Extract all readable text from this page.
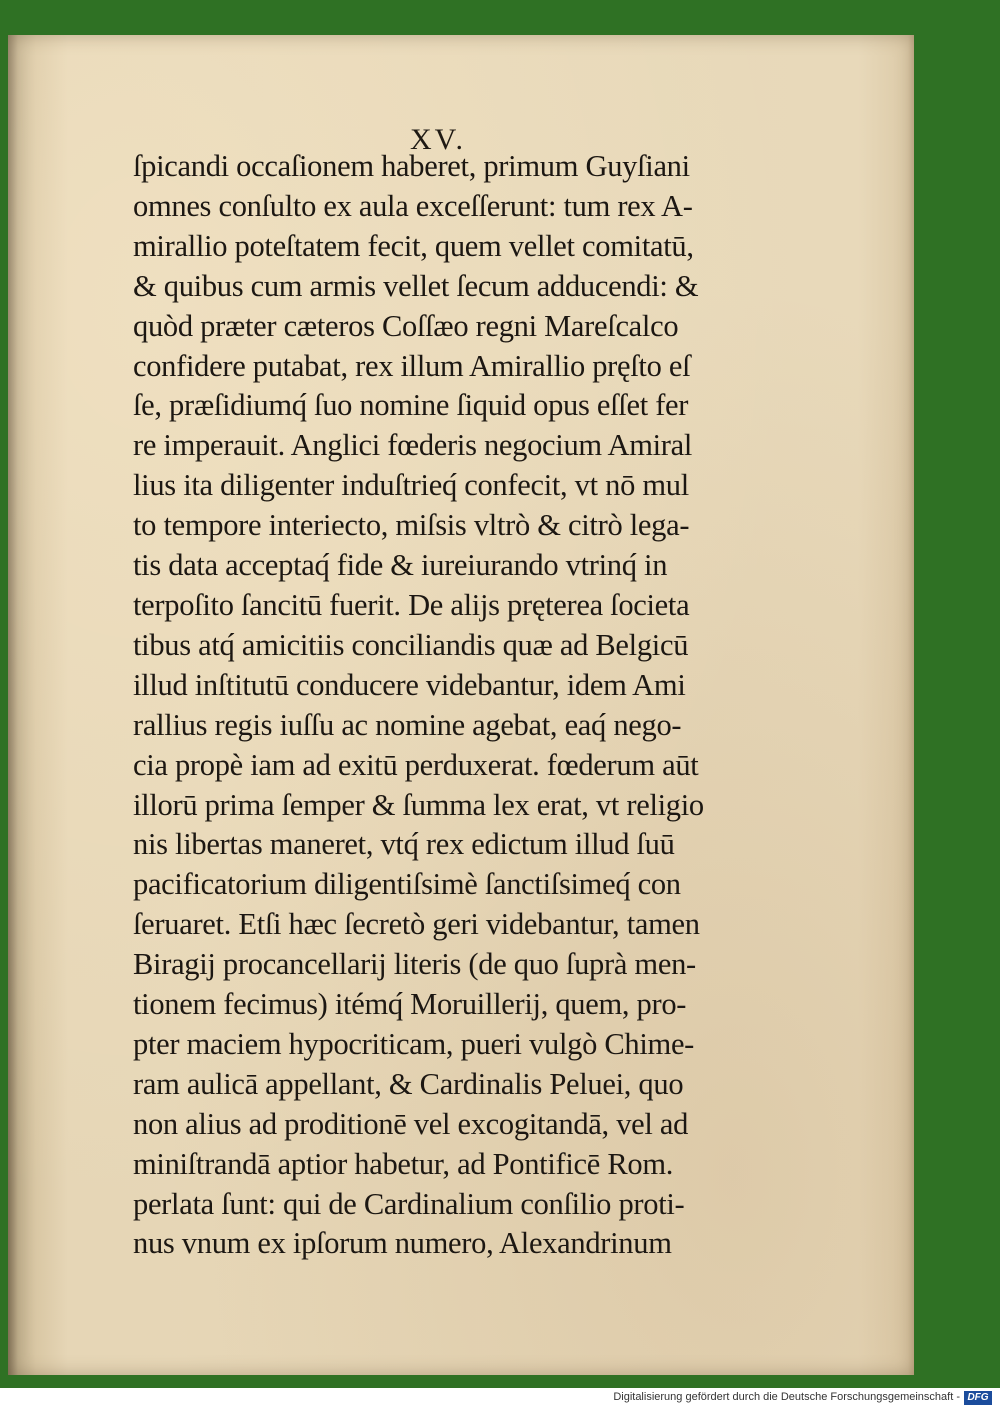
XV.
ſpicandi occaſionem haberet, primum Guyſiani
omnes conſulto ex aula exceſſerunt: tum rex A-
mirallio poteſtatem fecit, quem vellet comitatū,
& quibus cum armis vellet ſecum adducendi: &
quòd præter cæteros Coſſæo regni Mareſcalco
confidere putabat, rex illum Amirallio pręſto eſ
ſe, præſidiumq́ ſuo nomine ſiquid opus eſſet fer
re imperauit. Anglici fœderis negocium Amiral
lius ita diligenter induſtrieq́ confecit, vt nō mul
to tempore interiecto, miſsis vltrò & citrò lega-
tis data acceptaq́ fide & iureiurando vtrinq́ in
terpoſito ſancitū fuerit. De alijs pręterea ſocieta
tibus atq́ amicitiis conciliandis quæ ad Belgicū
illud inſtitutū conducere videbantur, idem Ami
rallius regis iuſſu ac nomine agebat, eaq́ nego-
cia propè iam ad exitū perduxerat. fœderum aūt
illorū prima ſemper & ſumma lex erat, vt religio
nis libertas maneret, vtq́ rex edictum illud ſuū
pacificatorium diligentiſsimè ſanctiſsimeq́ con
ſeruaret. Etſi hæc ſecretò geri videbantur, tamen
Biragij procancellarij literis (de quo ſuprà men-
tionem fecimus) itémq́ Moruillerij, quem, pro-
pter maciem hypocriticam, pueri vulgò Chime-
ram aulicā appellant, & Cardinalis Peluei, quo
non alius ad proditionē vel excogitandā, vel ad
miniſtrandā aptior habetur, ad Pontificē Rom.
perlata ſunt: qui de Cardinalium conſilio proti-
nus vnum ex ipſorum numero, Alexandrinum
Digitalisierung gefördert durch die Deutsche Forschungsgemeinschaft - DFG
